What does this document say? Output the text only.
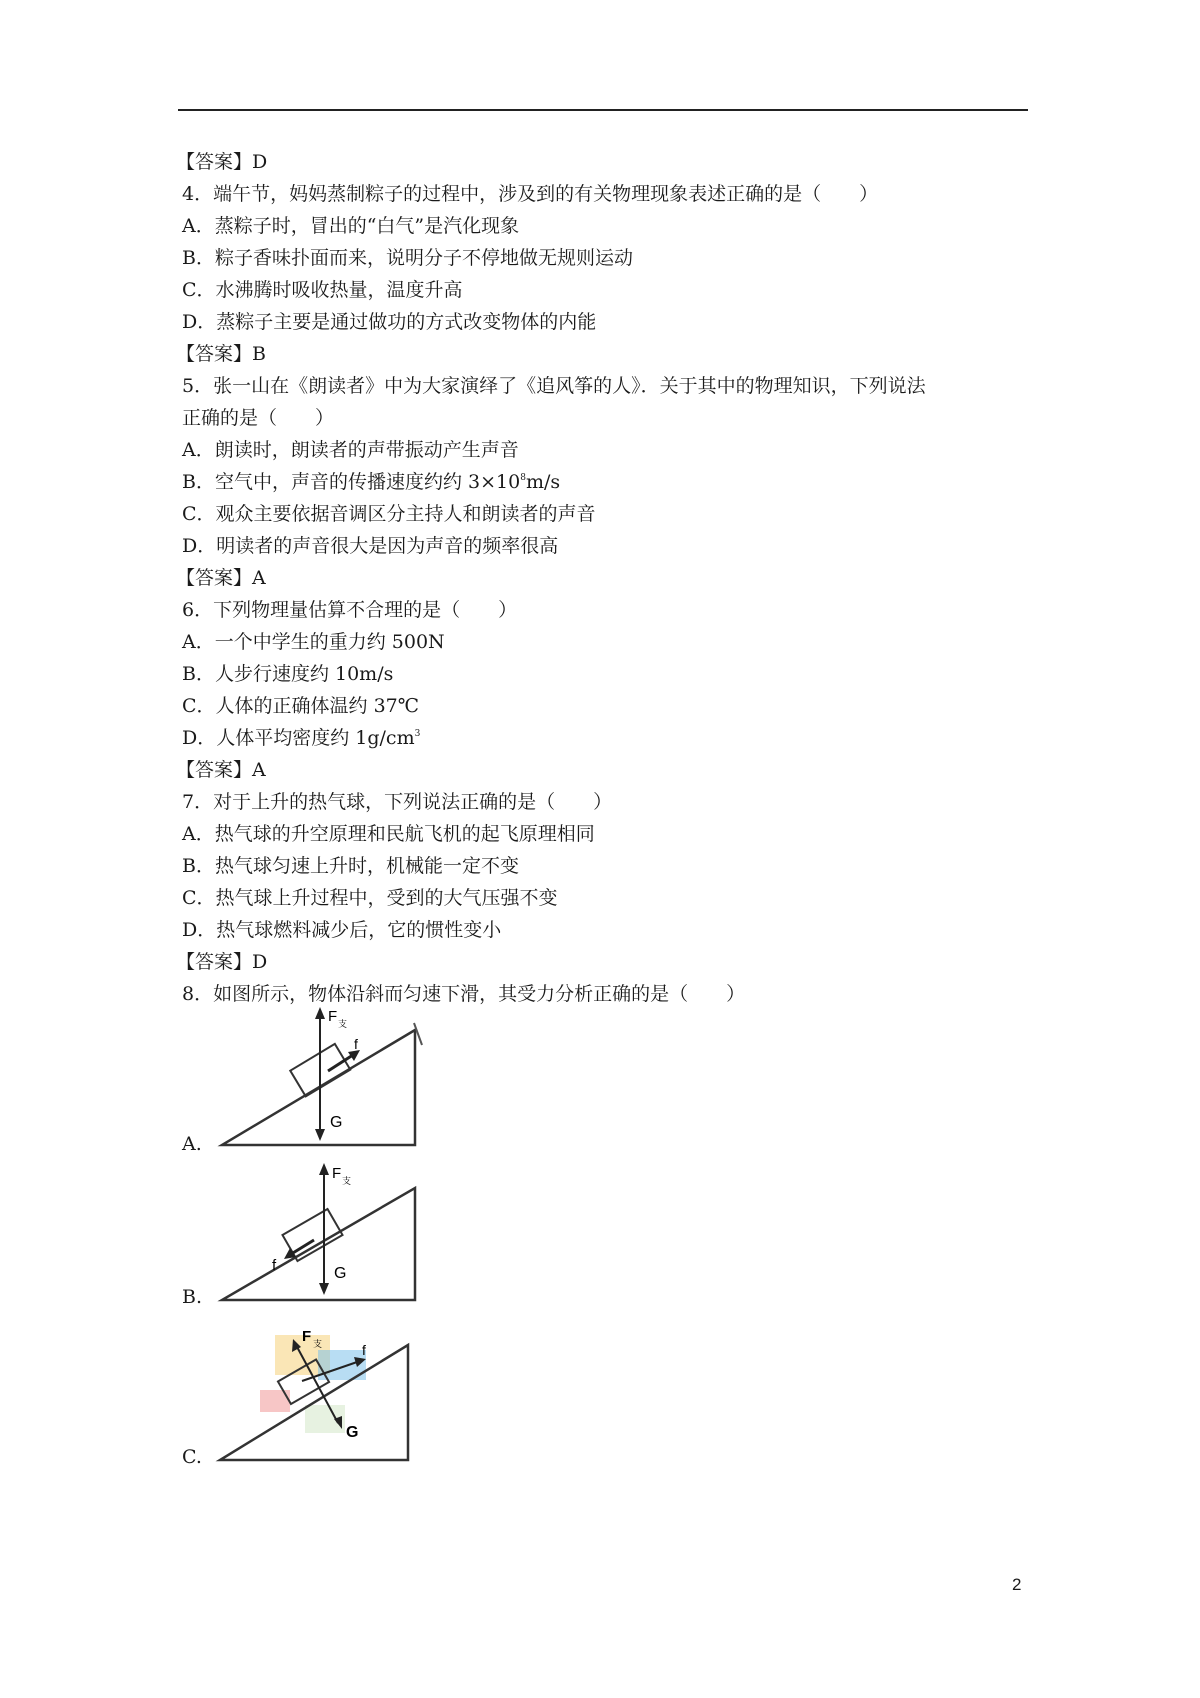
【答案】D
4．端午节，妈妈蒸制粽子的过程中，涉及到的有关物理现象表述正确的是（　　）
A．蒸粽子时，冒出的“白气”是汽化现象
B．粽子香味扑面而来，说明分子不停地做无规则运动
C．水沸腾时吸收热量，温度升高
D．蒸粽子主要是通过做功的方式改变物体的内能
【答案】B
5．张一山在《朗读者》中为大家演绎了《追风筝的人》．关于其中的物理知识，下列说法
正确的是（　　）
A．朗读时，朗读者的声带振动产生声音
B．空气中，声音的传播速度约约 $3\times 10^8m/s$
C．观众主要依据音调区分主持人和朗读者的声音
D．明读者的声音很大是因为声音的频率很高
【答案】A
6．下列物理量估算不合理的是（　　）
A．一个中学生的重力约 500N
B．人步行速度约 10m/s
C．人体的正确体温约 37℃
D．人体平均密度约 $1g/cm^3$
【答案】A
7．对于上升的热气球，下列说法正确的是（　　）
A．热气球的升空原理和民航飞机的起飞原理相同
B．热气球匀速上升时，机械能一定不变
C．热气球上升过程中，受到的大气压强不变
D．热气球燃料减少后，它的惯性变小
【答案】D
8．如图所示，物体沿斜而匀速下滑，其受力分析正确的是（　　）
A.
F 支
f
G
B.
F 支
f	G
C.
F 支	f
G
2
